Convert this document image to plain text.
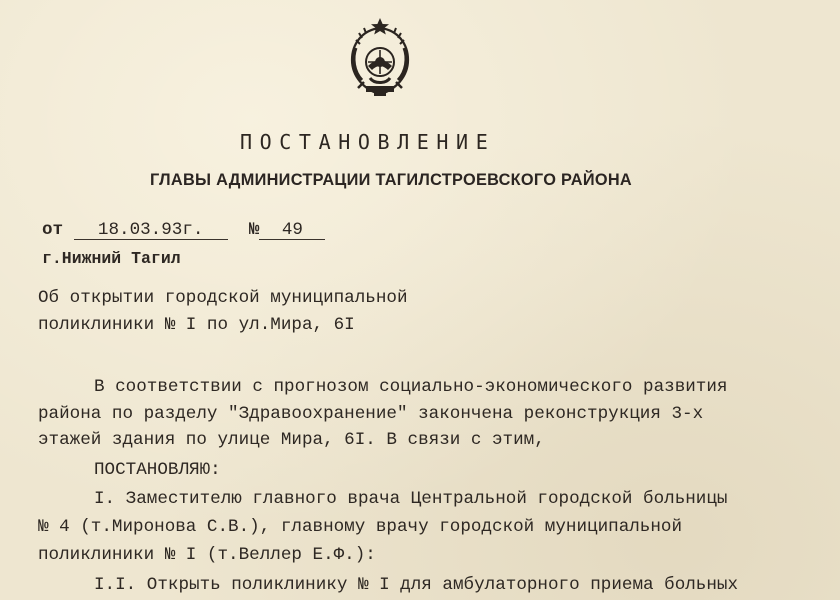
ПОСТАНОВЛЕНИЕ
ГЛАВЫ АДМИНИСТРАЦИИ ТАГИЛСТРОЕВСКОГО РАЙОНА
от 18.03.93г.	№ 49
г.Нижний Тагил
Об открытии городской муниципальной
поликлиники № I по ул.Мира, 6I
В соответствии с прогнозом социально-экономического развития
района по разделу "Здравоохранение" закончена реконструкция 3-х
этажей здания по улице Мира, 6I. В связи с этим,
ПОСТАНОВЛЯЮ:
I. Заместителю главного врача Центральной городской больницы
№ 4 (т.Миронова С.В.), главному врачу городской муниципальной
поликлиники № I (т.Веллер Е.Ф.):
I.I. Открыть поликлинику № I для амбулаторного приема больных
